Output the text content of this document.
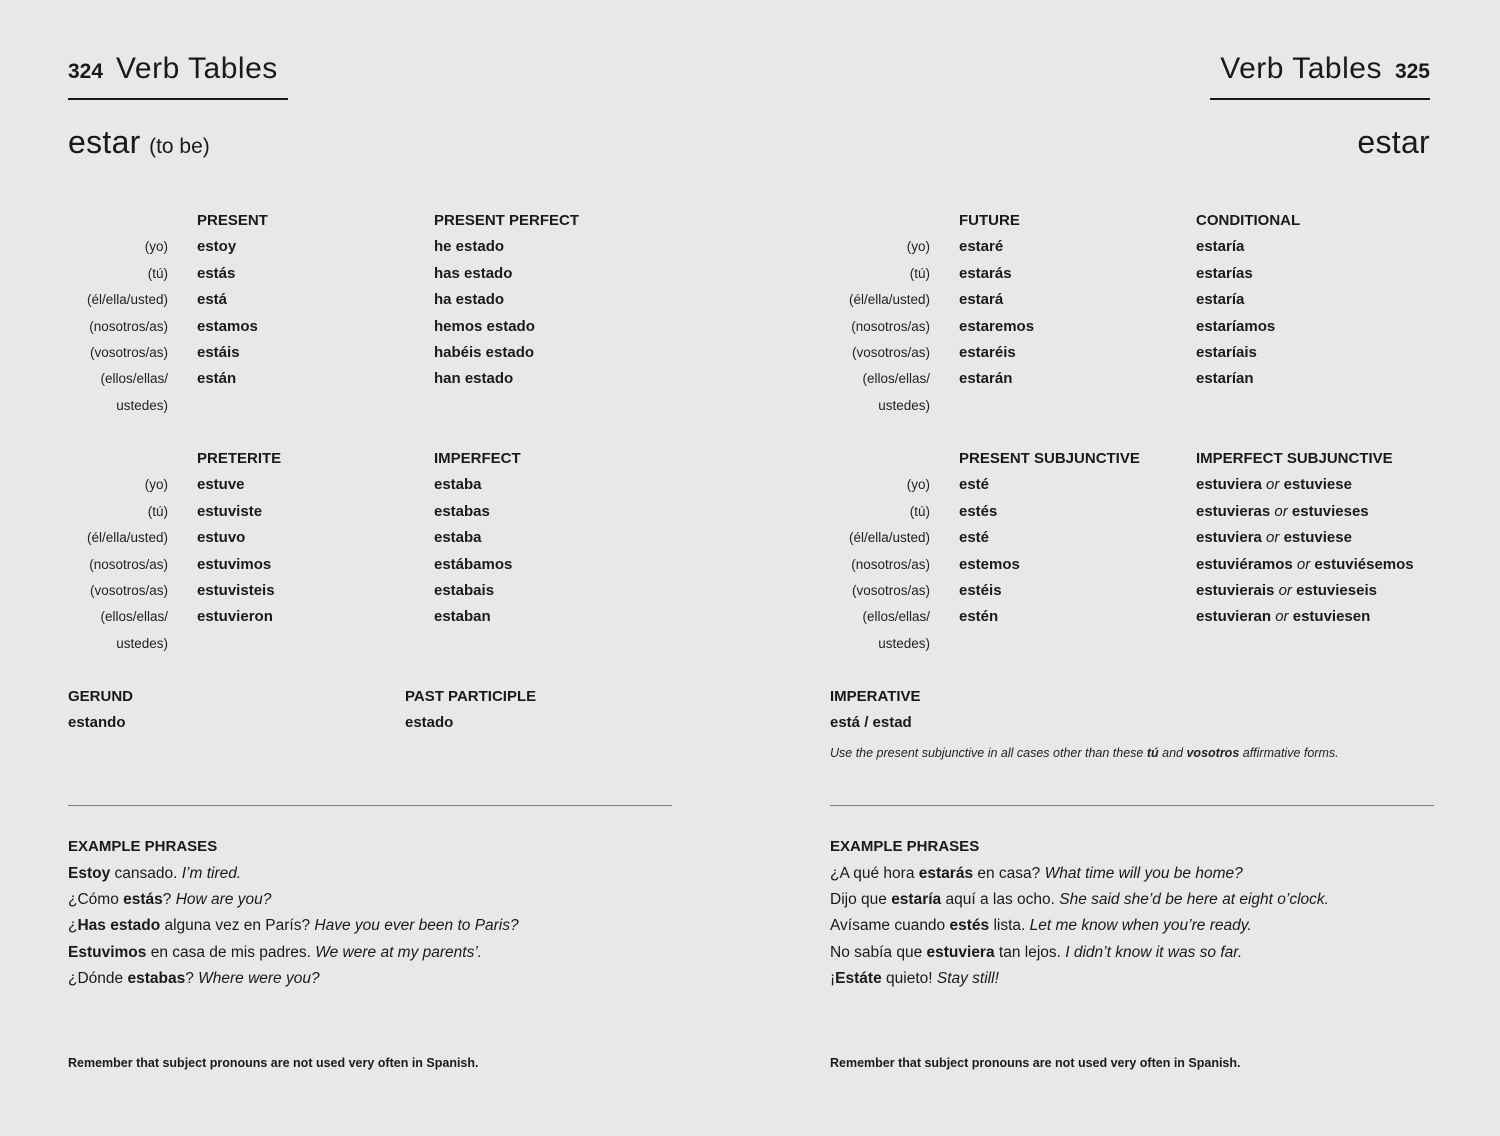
324 Verb Tables
estar (to be)
PRESENT	PRESENT PERFECT
(yo) estoy	he estado
(tú) estás	has estado
(él/ella/usted) está	ha estado
(nosotros/as) estamos	hemos estado
(vosotros/as) estáis	habéis estado
(ellos/ellas/
ustedes)
están	han estado
PRETERITE	IMPERFECT
(yo) estuve	estaba
(tú) estuviste	estabas
(él/ella/usted) estuvo	estaba
(nosotros/as) estuvimos	estábamos
(vosotros/as) estuvisteis	estabais
(ellos/ellas/
ustedes)
estuvieron	estaban
GERUND
estando
PAST PARTICIPLE
estado
EXAMPLE PHRASES
Estoy cansado. I’m tired.
¿Cómo estás? How are you?
¿Has estado alguna vez en París? Have you ever been to Paris?
Estuvimos en casa de mis padres. We were at my parents’.
¿Dónde estabas? Where were you?
Remember that subject pronouns are not used very often in Spanish.
Verb Tables 325
estar
FUTURE	CONDITIONAL
(yo) estaré	estaría
(tú) estarás	estarías
(él/ella/usted) estará	estaría
(nosotros/as) estaremos	estaríamos
(vosotros/as) estaréis	estaríais
(ellos/ellas/
ustedes)
estarán	estarían
PRESENT SUBJUNCTIVE	IMPERFECT SUBJUNCTIVE
(yo) esté	estuviera or estuviese
(tú) estés	estuvieras or estuvieses
(él/ella/usted) esté	estuviera or estuviese
(nosotros/as) estemos	estuviéramos or estuviésemos
(vosotros/as) estéis	estuvierais or estuvieseis
(ellos/ellas/
ustedes)
estén	estuvieran or estuviesen
IMPERATIVE
está / estad
Use the present subjunctive in all cases other than these tú and vosotros affirmative forms.
EXAMPLE PHRASES
¿A qué hora estarás en casa? What time will you be home?
Dijo que estaría aquí a las ocho. She said she’d be here at eight o’clock.
Avísame cuando estés lista. Let me know when you’re ready.
No sabía que estuviera tan lejos. I didn’t know it was so far.
¡Estáte quieto! Stay still!
Remember that subject pronouns are not used very often in Spanish.
